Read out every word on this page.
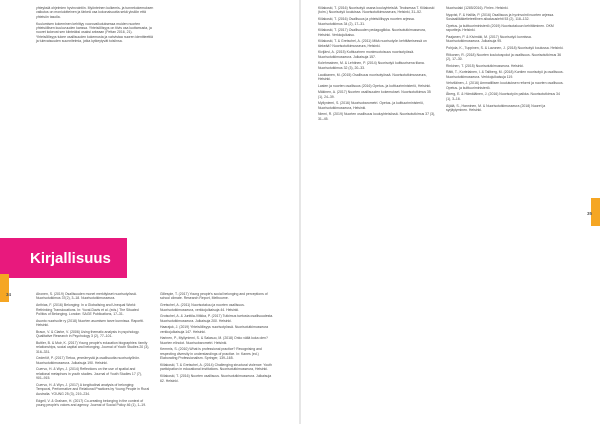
yhteyksiä ohjelmien hyvinvointiin. Myönteinen kulkemis- ja tunnekokemuksen vaikutus on moniulotteinen ja tärkeä osa kokonaisuutta sekä yksilön että yhteisön tasolla.

Kuulumisen kokeminen kehittyy vuorovaikutuksessa muiden nuorten yhteisöllisen kuuluvuuden kanssa. Yhteisöllisyys on tiivis osa luottamusta, ja nuoret kokevat sen kiinteäksi osaksi arkeaan (Fettan 2016, 21). Yhteisöllisyys tukee osallisuuden kokemusta ja vahvistaa nuoren identiteettiä ja tulevaisuuden suunnitelmia, jotka kytkeytyvät toisiinsa.

Kirjallisuus
34	Ahonen, S. (2019) Osallisuuden monet merkitykset nuorisotyössä. Nuorisotutkimus 37(2), 3–18. Nuorisotutkimusseura.

Anthias, F. (2016) Belonging: In a Globalising and Unequal World: Rethinking Translocations. In: Yuval-Davis et al. (eds.) The Situated Politics of Belonging. London: SAGE Publications, 17–31.

Asunto nuorisolle ry (2018) Nuorten asumisen tarve kunnissa. Raportti. Helsinki.

Braun, V. & Clarke, V. (2006) Using thematic analysis in psychology. Qualitative Research in Psychology 3 (2), 77–101.

Buttler, B. & Muir, K. (2017) Young people's education biographies: family relationships, social capital and belonging. Journal of Youth Studies 20 (3), 316–331.

Cederlöf, P. (2017) Tietoa, ymmärrystä ja osallisuutta nuorisotyöhön. Nuorisotutkimusseura. Julkaisuja 190. Helsinki.

Cuervo, H. & Wyn, J. (2014) Reflections on the use of spatial and relational metaphors in youth studies. Journal of Youth Studies 17 (7), 901–915.

Cuervo, H. & Wyn, J. (2017) A longitudinal analysis of belonging: Temporal, Performative and Relational Practices by Young People in Rural Australia. YOUNG 25 (3), 219–234.

Edgell, V. & Graham, H. (2017) Co-creating belonging in the context of young people's voices and agency. Journal of Social Policy 46 (1), 1–19.

Gillespie, T. (2017) Young people's social belonging and perceptions of school climate. Research Report, Melbourne.

Gretschel, A. (2011) Nuorisotakuu ja nuorten osallisuus. Nuorisotutkimusseura, verkkojulkaisuja 44. Helsinki.

Grotschel, A. & Junttila-Vitikka, P. (2017) Tutkimus tuetusta osallisuudesta. Nuorisotutkimusseura. Julkaisuja 200. Helsinki.

Haarajuk, J. (2019) Yhteisöllisyys nuorisotyössä. Nuorisotutkimusseura verkkojulkaisuja 147. Helsinki.

Harinen, P., Myllyniemi, S. & Salasuo, M. (2018) Onko väliä kuka olen? Nuorten elinolot. Nuorisobarometri. Helsinki.

Kemmis, S. (2010) What is professional practice? Recognising and respecting diversity in understandings of practice. In: Kanes (ed.) Elaborating Professionalism. Springer, 139–165.

Kiilakoski, T. & Gretschel, A. (2014) Challenging structural violence: Youth participation in educational institutions. Nuorisotutkimusseura, Helsinki.

Kiilakoski, T. (2016) Nuorten osallisuus. Nuorisotutkimusseura. Julkaisuja 62. Helsinki.

Kiilakoski, T. (2016) Nuorisotyö osana kouluyhteisöä. Teoksessa T. Kiilakoski (toim.) Nuorisotyö kouluissa. Nuorisotutkimusseura, Helsinki, 31–52.

Kiilakoski, T. (2016) Osallisuus ja yhteisöllisyys nuorten arjessa. Nuorisotutkimus 34 (2), 17–31.

Kiilakoski, T. (2017) Osallisuuden pedagogiikka. Nuorisotutkimusseura, Helsinki. Verkkojulkaisu.

Kiilakoski, T. & Gretschel, A. (2011) Mikä nuorisotyön kehittämisessä on tärkeää? Nuorisotutkimusseura, Helsinki.

Kivijärvi, A. (2015) Kulttuurinen monimuotoisuus nuorisotyössä. Nuorisotutkimusseura. Julkaisuja 157.

Kolehmainen, M. & Lehtinen, P. (2014) Nuorisotyö kulttuurisena tilana. Nuorisotutkimus 32 (3), 20–33.

Laukkanen, M. (2015) Osallisuus nuorisotyössä. Nuorisotutkimusseura, Helsinki.

Lasten ja nuorten osallisuus (2016) Opetus- ja kulttuuriministeriö, Helsinki.

Mäkinen, A. (2017) Nuorten osallisuuden kokemukset. Nuorisotutkimus 35 (1), 24–39.

Myllyniemi, S. (2016) Nuorisobarometri. Opetus- ja kulttuuriministeriö, Nuorisotutkimusseura, Helsinki.

Niemi, R. (2019) Nuorten osallisuus kouluyhteisössä. Nuorisotutkimus 37 (3), 31–45.

Nuorisolaki (1285/2016). Finlex. Helsinki.

Nyqvist, F. & Hallila, P. (2016) Osallisuus ja hyvinvointi nuorten arjessa. Sosiaalilääketieteellinen aikakauslehti 53 (2), 118–132.

Opetus- ja kulttuuriministeriö (2019) Nuorisotakuun kehittäminen. OKM raportteja. Helsinki.

Paajanen, P. & Kivimäki, M. (2017) Nuorisotyö kunnissa. Nuorisotutkimusseura. Julkaisuja 95.

Pohjola, K., Tuppinen, S. & Lavonen, J. (2018) Nuorisotyö koulussa. Helsinki.

Riikonen, R. (2018) Nuorten koulutuspolut ja osallisuus. Nuorisotutkimus 36 (2), 17–30.

Rinkinen, T. (2015) Nuorisotutkimusseura. Helsinki.

Rätti, T., Kortelainen, I. & Tallberg, M. (2018) Kuntien nuorisotyö ja osallisuus. Nuorisotutkimusseura. Verkkojulkaisuja 119.

Vehviläinen, J. (2016) Ammatillisen koulutuksen reformi ja nuorten osallisuus. Opetus- ja kulttuuriministeriö.

Åberg, E. & Hämäläinen, J. (2016) Nuorisotyön paikka. Nuorisotutkimus 34 (1), 3–16.

Äijälä, S., Hanninen, M. & Nuorisotutkimusseura (2018) Nuoret ja syrjäytyminen. Helsinki.

35
